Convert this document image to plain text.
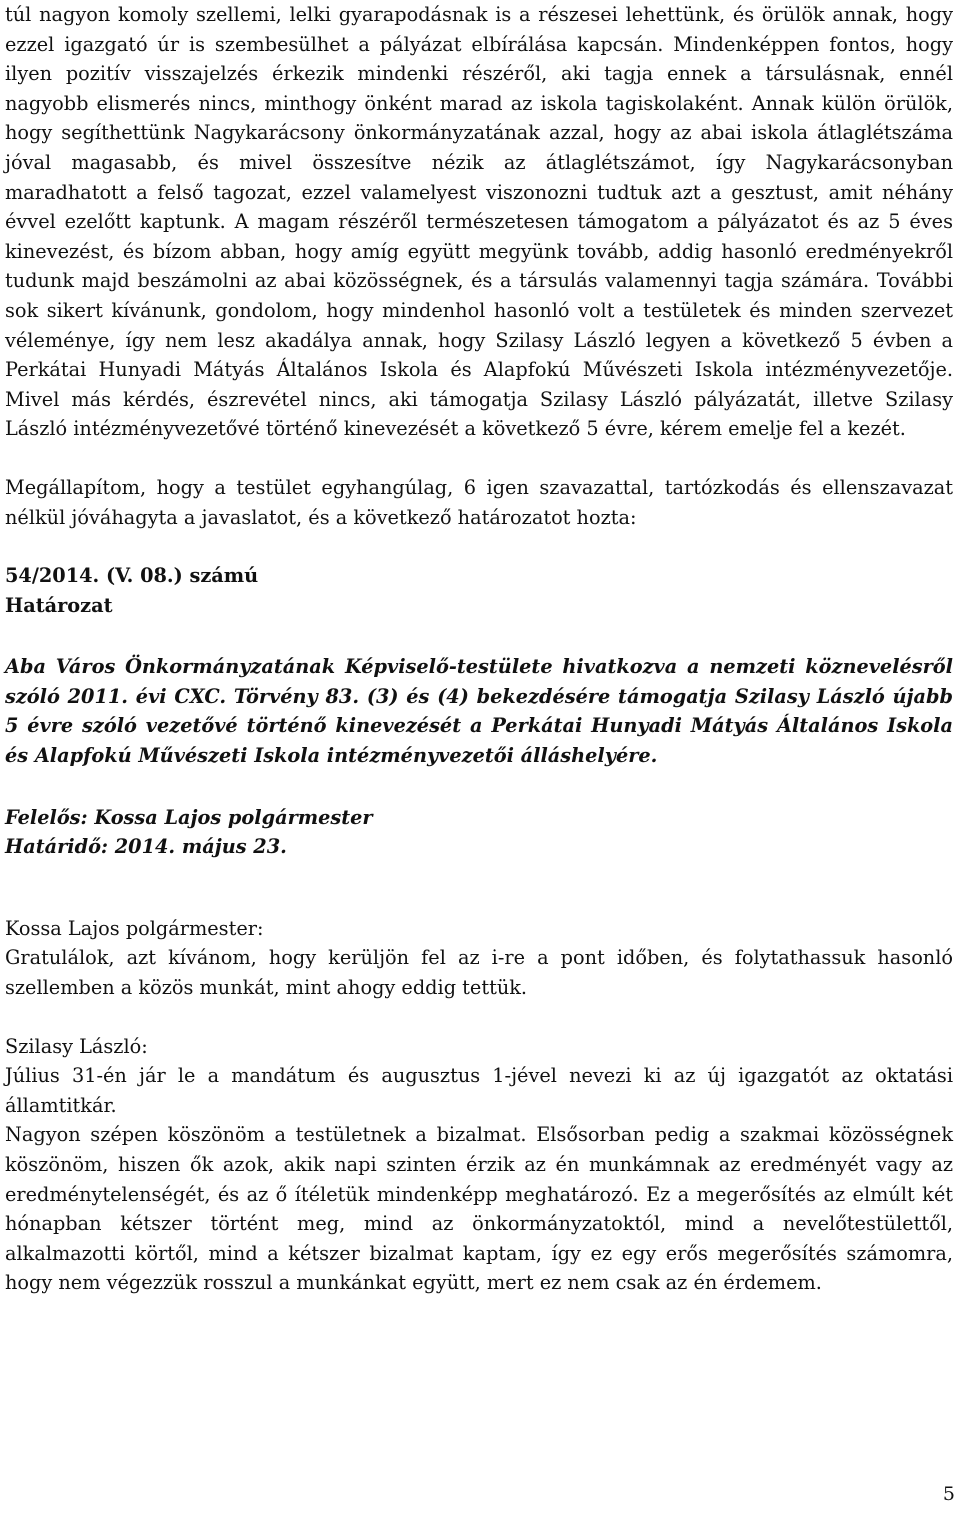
túl nagyon komoly szellemi, lelki gyarapodásnak is a részesei lehettünk, és örülök annak, hogy ezzel igazgató úr is szembesülhet a pályázat elbírálása kapcsán. Mindenképpen fontos, hogy ilyen pozitív visszajelzés érkezik mindenki részéről, aki tagja ennek a társulásnak, ennél nagyobb elismerés nincs, minthogy önként marad az iskola tagiskolaként. Annak külön örülök, hogy segíthettünk Nagykarácsony önkormányzatának azzal, hogy az abai iskola átlaglétszáma jóval magasabb, és mivel összesítve nézik az átlaglétszámot, így Nagykarácsonyban maradhatott a felső tagozat, ezzel valamelyest viszonozni tudtuk azt a gesztust, amit néhány évvel ezelőtt kaptunk. A magam részéről természetesen támogatom a pályázatot és az 5 éves kinevezést, és bízom abban, hogy amíg együtt megyünk tovább, addig hasonló eredményekről tudunk majd beszámolni az abai közösségnek, és a társulás valamennyi tagja számára. További sok sikert kívánunk, gondolom, hogy mindenhol hasonló volt a testületek és minden szervezet véleménye, így nem lesz akadálya annak, hogy Szilasy László legyen a következő 5 évben a Perkátai Hunyadi Mátyás Általános Iskola és Alapfokú Művészeti Iskola intézményvezetője. Mivel más kérdés, észrevétel nincs, aki támogatja Szilasy László pályázatát, illetve Szilasy László intézményvezetővé történő kinevezését a következő 5 évre, kérem emelje fel a kezét.

Megállapítom, hogy a testület egyhangúlag, 6 igen szavazattal, tartózkodás és ellenszavazat nélkül jóváhagyta a javaslatot, és a következő határozatot hozta:

54/2014. (V. 08.) számú
Határozat

Aba Város Önkormányzatának Képviselő-testülete hivatkozva a nemzeti köznevelésről szóló 2011. évi CXC. Törvény 83. (3) és (4) bekezdésére támogatja Szilasy László újabb 5 évre szóló vezetővé történő kinevezését a Perkátai Hunyadi Mátyás Általános Iskola és Alapfokú Művészeti Iskola intézményvezetői álláshelyére.

Felelős: Kossa Lajos polgármester
Határidő: 2014. május 23.
Kossa Lajos polgármester:

Gratulálok, azt kívánom, hogy kerüljön fel az i-re a pont időben, és folytathassuk hasonló szellemben a közös munkát, mint ahogy eddig tettük.

Szilasy László:

Július 31-én jár le a mandátum és augusztus 1-jével nevezi ki az új igazgatót az oktatási államtitkár.

Nagyon szépen köszönöm a testületnek a bizalmat. Elsősorban pedig a szakmai közösségnek köszönöm, hiszen ők azok, akik napi szinten érzik az én munkámnak az eredményét vagy az eredménytelenségét, és az ő ítéletük mindenképp meghatározó. Ez a megerősítés az elmúlt két hónapban kétszer történt meg, mind az önkormányzatoktól, mind a nevelőtestülettől, alkalmazotti körtől, mind a kétszer bizalmat kaptam, így ez egy erős megerősítés számomra, hogy nem végezzük rosszul a munkánkat együtt, mert ez nem csak az én érdemem.

5
